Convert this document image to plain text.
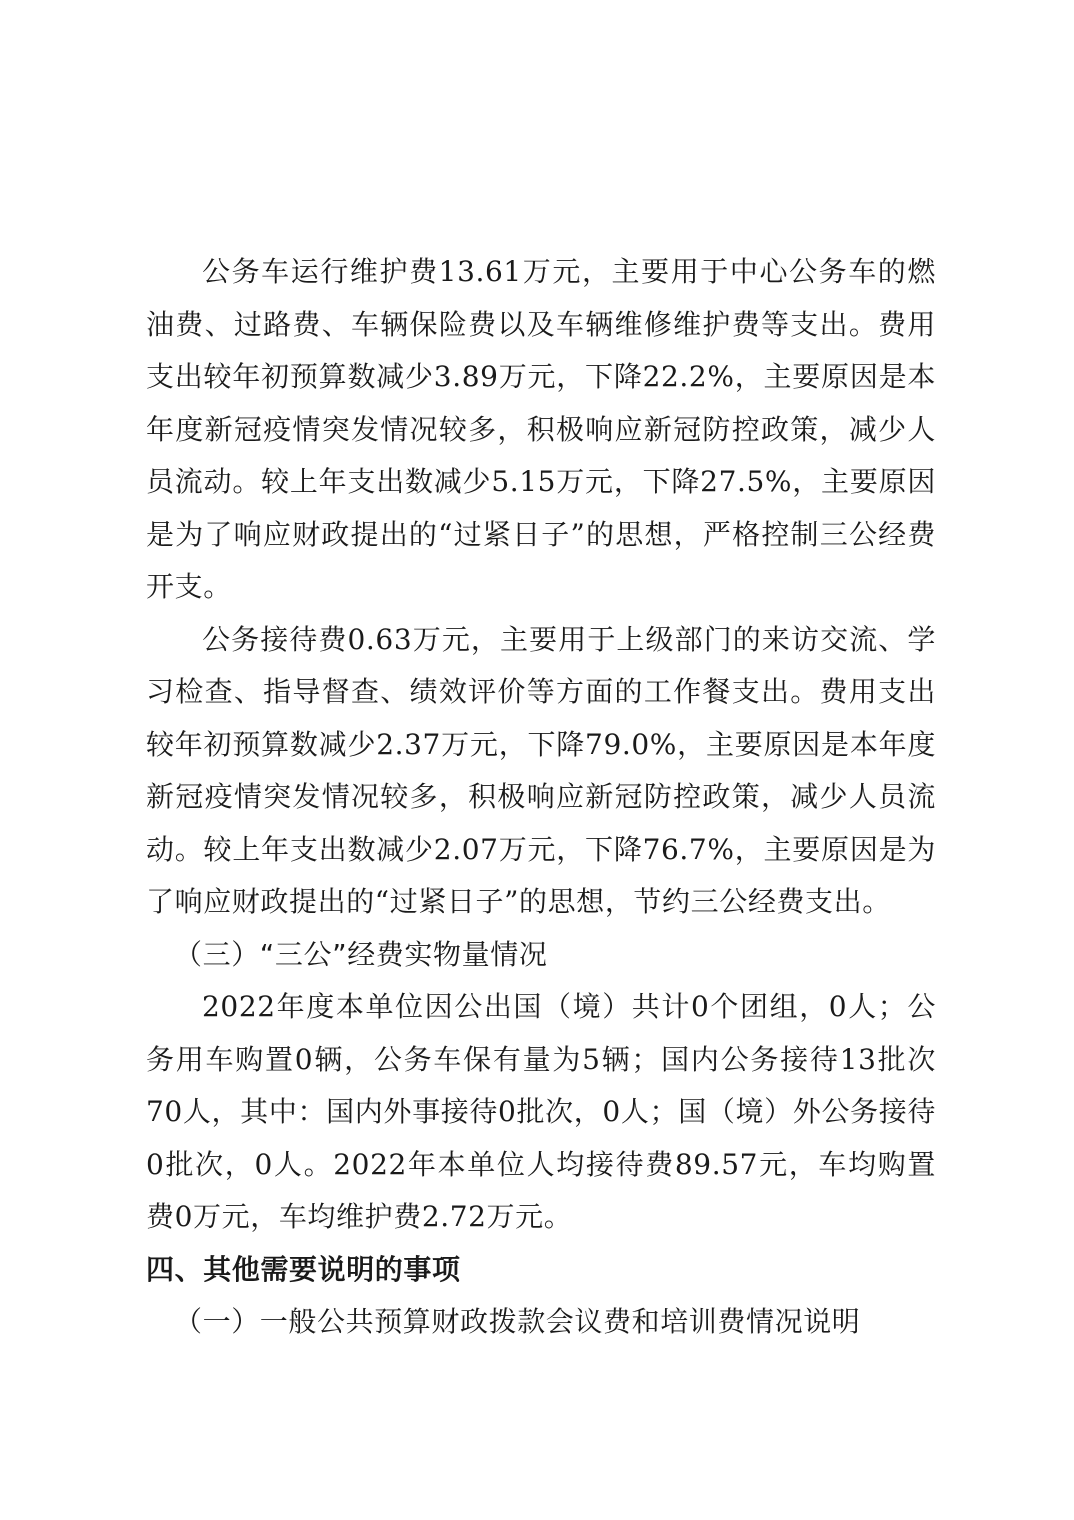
公务车运行维护费13.61万元，主要用于中心公务车的燃油费、过路费、车辆保险费以及车辆维修维护费等支出。费用支出较年初预算数减少3.89万元，下降22.2%，主要原因是本年度新冠疫情突发情况较多，积极响应新冠防控政策，减少人员流动。较上年支出数减少5.15万元，下降27.5%，主要原因是为了响应财政提出的“过紧日子”的思想，严格控制三公经费开支。

公务接待费0.63万元，主要用于上级部门的来访交流、学习检查、指导督查、绩效评价等方面的工作餐支出。费用支出较年初预算数减少2.37万元，下降79.0%，主要原因是本年度新冠疫情突发情况较多，积极响应新冠防控政策，减少人员流动。较上年支出数减少2.07万元，下降76.7%，主要原因是为了响应财政提出的“过紧日子”的思想，节约三公经费支出。

（三）“三公”经费实物量情况

2022年度本单位因公出国（境）共计0个团组，0人；公务用车购置0辆，公务车保有量为5辆；国内公务接待13批次70人，其中：国内外事接待0批次，0人；国（境）外公务接待0批次，0人。2022年本单位人均接待费89.57元，车均购置费0万元，车均维护费2.72万元。

四、其他需要说明的事项

（一）一般公共预算财政拨款会议费和培训费情况说明
